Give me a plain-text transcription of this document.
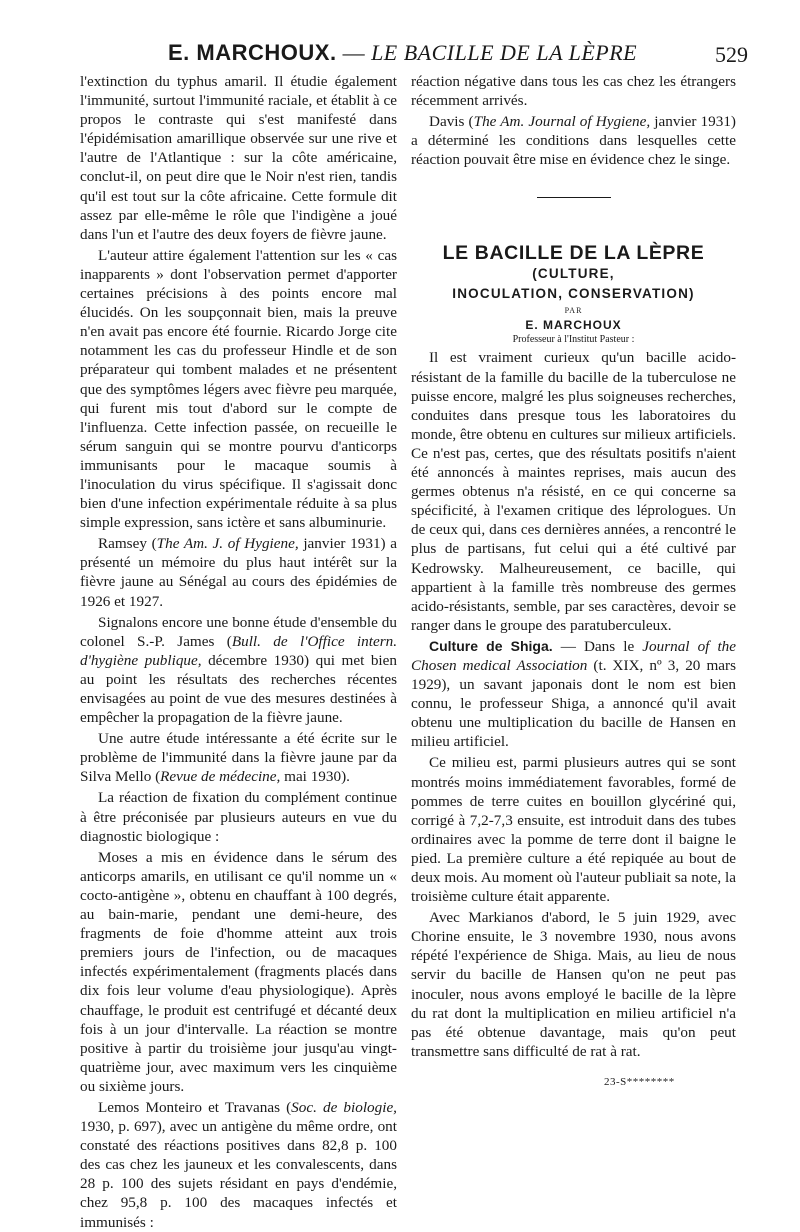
E. MARCHOUX. — LE BACILLE DE LA LÈPRE	529

l'extinction du typhus amaril. Il étudie également l'immunité, surtout l'immunité raciale, et établit à ce propos le contraste qui s'est manifesté dans l'épidémisation amarillique observée sur une rive et l'autre de l'Atlantique : sur la côte américaine, conclut-il, on peut dire que le Noir n'est rien, tandis qu'il est tout sur la côte africaine. Cette formule dit assez par elle-même le rôle que l'indigène a joué dans l'un et l'autre des deux foyers de fièvre jaune.

L'auteur attire également l'attention sur les « cas inapparents » dont l'observation permet d'apporter certaines précisions à des points encore mal élucidés. On les soupçonnait bien, mais la preuve n'en avait pas encore été fournie. Ricardo Jorge cite notamment les cas du professeur Hindle et de son préparateur qui tombent malades et ne présentent que des symptômes légers avec fièvre peu marquée, qui furent mis tout d'abord sur le compte de l'influenza. Cette infection passée, on recueille le sérum sanguin qui se montre pourvu d'anticorps immunisants pour le macaque soumis à l'inoculation du virus spécifique. Il s'agissait donc bien d'une infection expérimentale réduite à sa plus simple expression, sans ictère et sans albuminurie.

Ramsey (The Am. J. of Hygiene, janvier 1931) a présenté un mémoire du plus haut intérêt sur la fièvre jaune au Sénégal au cours des épidémies de 1926 et 1927.

Signalons encore une bonne étude d'ensemble du colonel S.-P. James (Bull. de l'Office intern. d'hygiène publique, décembre 1930) qui met bien au point les résultats des recherches récentes envisagées au point de vue des mesures destinées à empêcher la propagation de la fièvre jaune.

Une autre étude intéressante a été écrite sur le problème de l'immunité dans la fièvre jaune par da Silva Mello (Revue de médecine, mai 1930).

La réaction de fixation du complément continue à être préconisée par plusieurs auteurs en vue du diagnostic biologique :

Moses a mis en évidence dans le sérum des anticorps amarils, en utilisant ce qu'il nomme un « cocto-antigène », obtenu en chauffant à 100 degrés, au bain-marie, pendant une demi-heure, des fragments de foie d'homme atteint aux trois premiers jours de l'infection, ou de macaques infectés expérimentalement (fragments placés dans dix fois leur volume d'eau physiologique). Après chauffage, le produit est centrifugé et décanté deux fois à un jour d'intervalle. La réaction se montre positive à partir du troisième jour jusqu'au vingt-quatrième jour, avec maximum vers les cinquième ou sixième jours.

Lemos Monteiro et Travanas (Soc. de biologie, 1930, p. 697), avec un antigène du même ordre, ont constaté des réactions positives dans 82,8 p. 100 des cas chez les jauneux et les convalescents, dans 28 p. 100 des sujets résidant en pays d'endémie, chez 95,8 p. 100 des macaques infectés et immunisés :

réaction négative dans tous les cas chez les étrangers récemment arrivés.

Davis (The Am. Journal of Hygiene, janvier 1931) a déterminé les conditions dans lesquelles cette réaction pouvait être mise en évidence chez le singe.

LE BACILLE DE LA LÈPRE

(CULTURE,

INOCULATION, CONSERVATION)

PAR

E. MARCHOUX

Professeur à l'Institut Pasteur :

Il est vraiment curieux qu'un bacille acido-résistant de la famille du bacille de la tuberculose ne puisse encore, malgré les plus soigneuses recherches, conduites dans presque tous les laboratoires du monde, être obtenu en cultures sur milieux artificiels. Ce n'est pas, certes, que des résultats positifs n'aient été annoncés à maintes reprises, mais aucun des germes obtenus n'a résisté, en ce qui concerne sa spécificité, à l'examen critique des léprologues. Un de ceux qui, dans ces dernières années, a rencontré le plus de partisans, fut celui qui a été cultivé par Kedrowsky. Malheureusement, ce bacille, qui appartient à la famille très nombreuse des germes acido-résistants, semble, par ses caractères, devoir se ranger dans le groupe des paratuberculeux.

Culture de Shiga. — Dans le Journal of the Chosen medical Association (t. XIX, nº 3, 20 mars 1929), un savant japonais dont le nom est bien connu, le professeur Shiga, a annoncé qu'il avait obtenu une multiplication du bacille de Hansen en milieu artificiel.

Ce milieu est, parmi plusieurs autres qui se sont montrés moins immédiatement favorables, formé de pommes de terre cuites en bouillon glycériné qui, corrigé à 7,2-7,3 ensuite, est introduit dans des tubes ordinaires avec la pomme de terre dont il baigne le pied. La première culture a été repiquée au bout de deux mois. Au moment où l'auteur publiait sa note, la troisième culture était apparente.

Avec Markianos d'abord, le 5 juin 1929, avec Chorine ensuite, le 3 novembre 1930, nous avons répété l'expérience de Shiga. Mais, au lieu de nous servir du bacille de Hansen qu'on ne peut pas inoculer, nous avons employé le bacille de la lèpre du rat dont la multiplication en milieu artificiel n'a pas été obtenue davantage, mais qu'on peut transmettre sans difficulté de rat à rat.

23-S********
